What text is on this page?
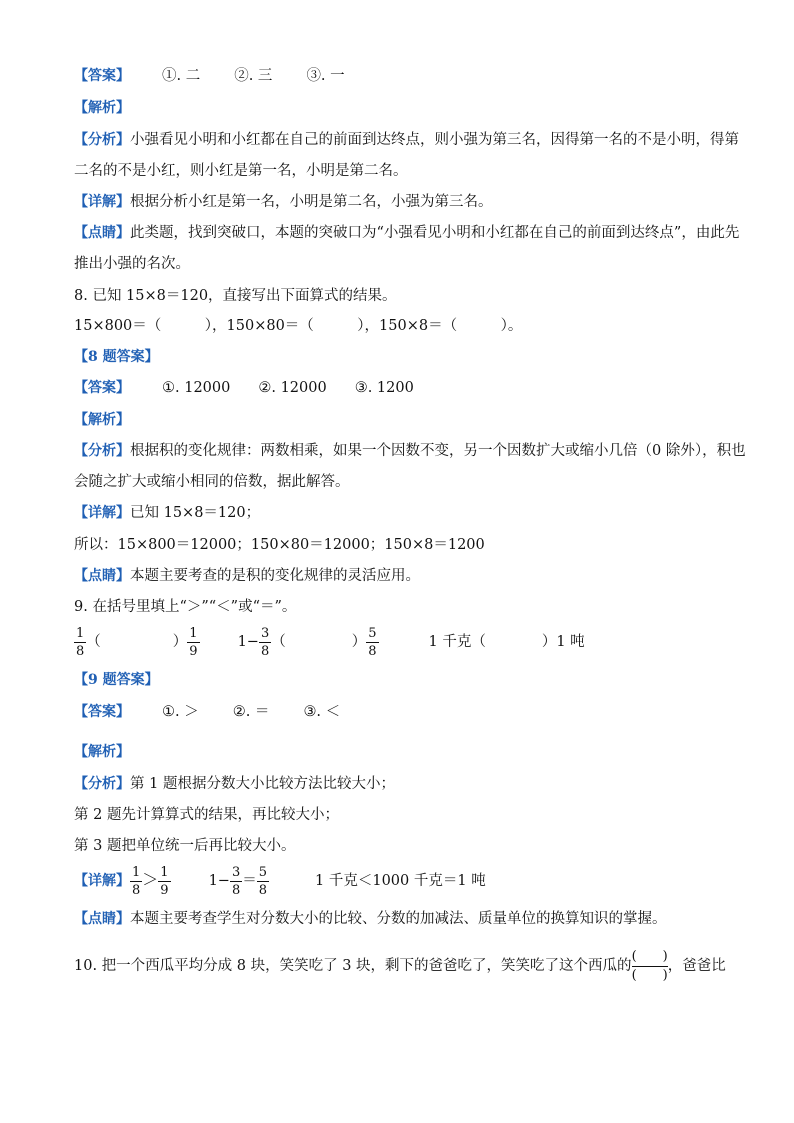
【答案】 ①. 二 ②. 三 ③. 一
【解析】
【分析】小强看见小明和小红都在自己的前面到达终点，则小强为第三名，因得第一名的不是小明，得第
二名的不是小红，则小红是第一名，小明是第二名。
【详解】根据分析小红是第一名，小明是第二名，小强为第三名。
【点睛】此类题，找到突破口，本题的突破口为“小强看见小明和小红都在自己的前面到达终点”，由此先
推出小强的名次。
8. 已知 15×8＝120，直接写出下面算式的结果。
15×800＝（　　　），150×80＝（　　　），150×8＝（　　　）。
【8 题答案】
【答案】 ①. 12000 ②. 12000 ③. 1200
【解析】
【分析】根据积的变化规律：两数相乘，如果一个因数不变，另一个因数扩大或缩小几倍（0 除外），积也
会随之扩大或缩小相同的倍数，据此解答。
【详解】已知 15×8＝120；
所以：15×800＝12000；150×80＝12000；150×8＝1200
【点睛】本题主要考查的是积的变化规律的灵活应用。
9. 在括号里填上“＞”“＜”或“＝”。
$\frac{1}{8}$ （	） $\frac{1}{9}$	$1- \frac{3}{8}$ （	） $\frac{5}{8}$	1 千克（	）1 吨
【9 题答案】
【答案】 ①. ＞ ②. ＝ ③. ＜
【解析】
【分析】第 1 题根据分数大小比较方法比较大小；
第 2 题先计算算式的结果，再比较大小；
第 3 题把单位统一后再比较大小。
【详解】 $\frac{1}{8} > \frac{1}{9}$	$1- \frac{3}{8} = \frac{5}{8}$	1 千克＜1000 千克＝1 吨
【点睛】本题主要考查学生对分数大小的比较、分数的加减法、质量单位的换算知识的掌握。
10. 把一个西瓜平均分成 8 块，笑笑吃了 3 块，剩下的爸爸吃了，笑笑吃了这个西瓜的 $\frac{( )}{( )}$ ，爸爸比
